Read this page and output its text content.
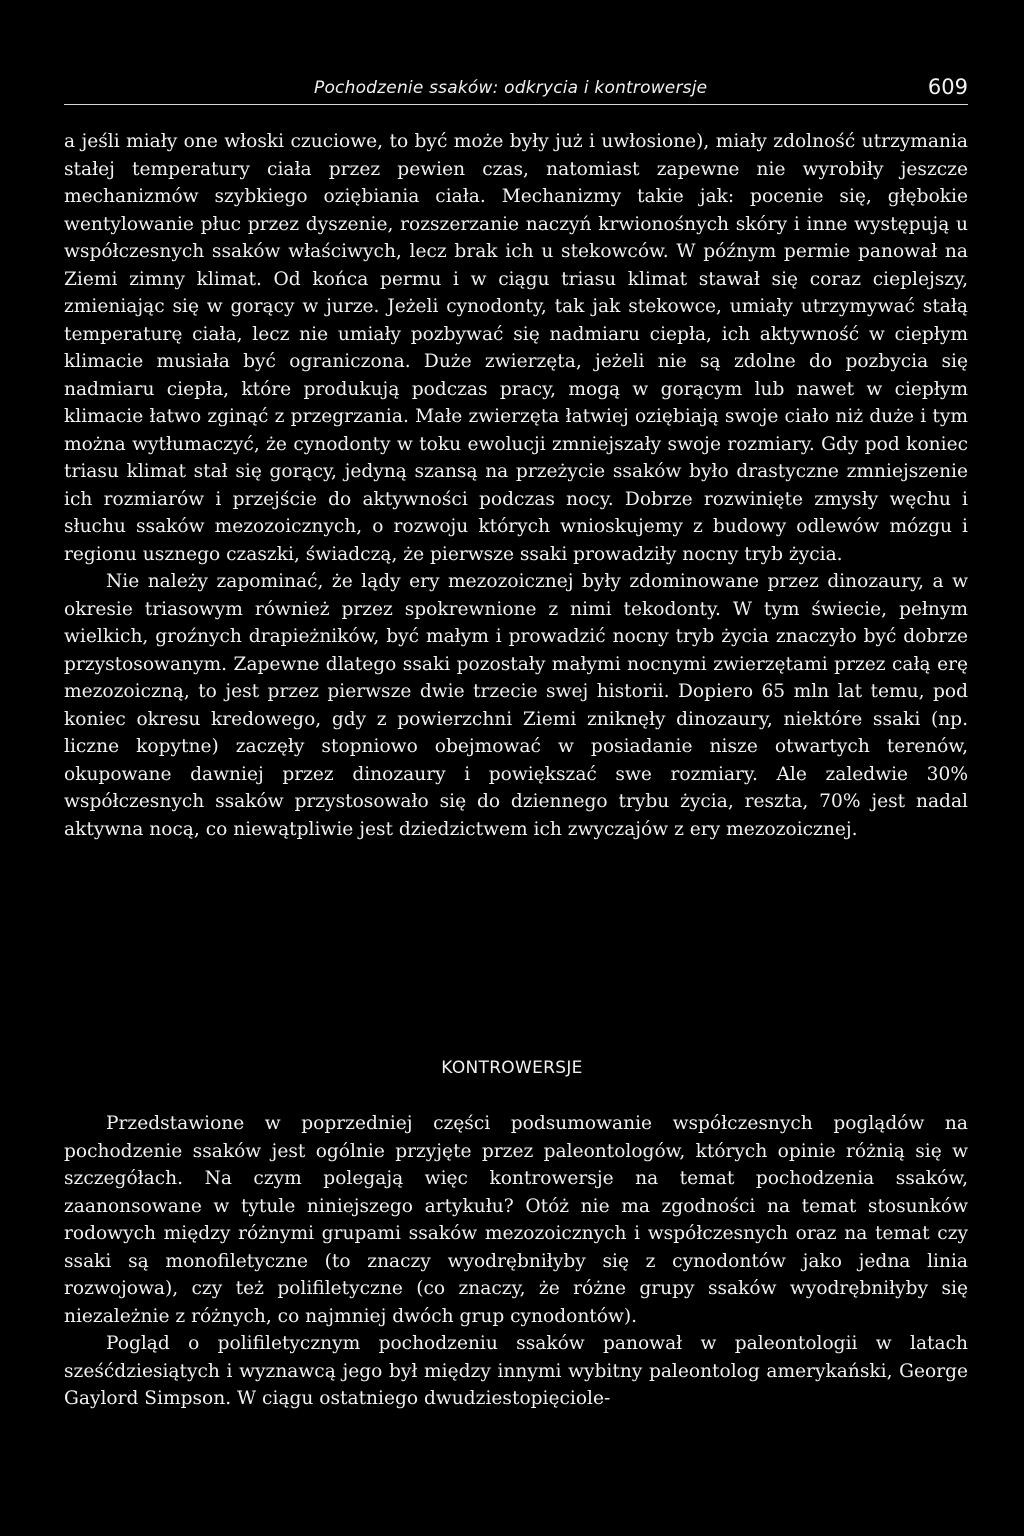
Pochodzenie ssaków: odkrycia i kontrowersje	609

a jeśli miały one włoski czuciowe, to być może były już i uwłosione), miały zdolność utrzymania stałej temperatury ciała przez pewien czas, natomiast zapewne nie wyrobiły jeszcze mechanizmów szybkiego oziębiania ciała. Mechanizmy takie jak: pocenie się, głębokie wentylowanie płuc przez dyszenie, rozszerzanie naczyń krwionośnych skóry i inne występują u współczesnych ssaków właściwych, lecz brak ich u stekowców. W późnym permie panował na Ziemi zimny klimat. Od końca permu i w ciągu triasu klimat stawał się coraz cieplejszy, zmieniając się w gorący w jurze. Jeżeli cynodonty, tak jak stekowce, umiały utrzymywać stałą temperaturę ciała, lecz nie umiały pozbywać się nadmiaru ciepła, ich aktywność w ciepłym klimacie musiała być ograniczona. Duże zwierzęta, jeżeli nie są zdolne do pozbycia się nadmiaru ciepła, które produkują podczas pracy, mogą w gorącym lub nawet w ciepłym klimacie łatwo zginąć z przegrzania. Małe zwierzęta łatwiej oziębiają swoje ciało niż duże i tym można wytłumaczyć, że cynodonty w toku ewolucji zmniejszały swoje rozmiary. Gdy pod koniec triasu klimat stał się gorący, jedyną szansą na przeżycie ssaków było drastyczne zmniejszenie ich rozmiarów i przejście do aktywności podczas nocy. Dobrze rozwinięte zmysły węchu i słuchu ssaków mezozoicznych, o rozwoju których wnioskujemy z budowy odlewów mózgu i regionu usznego czaszki, świadczą, że pierwsze ssaki prowadziły nocny tryb życia.

Nie należy zapominać, że lądy ery mezozoicznej były zdominowane przez dinozaury, a w okresie triasowym również przez spokrewnione z nimi tekodonty. W tym świecie, pełnym wielkich, groźnych drapieżników, być małym i prowadzić nocny tryb życia znaczyło być dobrze przystosowanym. Zapewne dlatego ssaki pozostały małymi nocnymi zwierzętami przez całą erę mezozoiczną, to jest przez pierwsze dwie trzecie swej historii. Dopiero 65 mln lat temu, pod koniec okresu kredowego, gdy z powierzchni Ziemi zniknęły dinozaury, niektóre ssaki (np. liczne kopytne) zaczęły stopniowo obejmować w posiadanie nisze otwartych terenów, okupowane dawniej przez dinozaury i powiększać swe rozmiary. Ale zaledwie 30% współczesnych ssaków przystosowało się do dziennego trybu życia, reszta, 70% jest nadal aktywna nocą, co niewątpliwie jest dziedzictwem ich zwyczajów z ery mezozoicznej.

KONTROWERSJE

Przedstawione w poprzedniej części podsumowanie współczesnych poglądów na pochodzenie ssaków jest ogólnie przyjęte przez paleontologów, których opinie różnią się w szczegółach. Na czym polegają więc kontrowersje na temat pochodzenia ssaków, zaanonsowane w tytule niniejszego artykułu? Otóż nie ma zgodności na temat stosunków rodowych między różnymi grupami ssaków mezozoicznych i współczesnych oraz na temat czy ssaki są monofiletyczne (to znaczy wyodrębniłyby się z cynodontów jako jedna linia rozwojowa), czy też polifiletyczne (co znaczy, że różne grupy ssaków wyodrębniłyby się niezależnie z różnych, co najmniej dwóch grup cynodontów).

Pogląd o polifiletycznym pochodzeniu ssaków panował w paleontologii w latach sześćdziesiątych i wyznawcą jego był między innymi wybitny paleontolog amerykański, George Gaylord Simpson. W ciągu ostatniego dwudziestopięciole-
